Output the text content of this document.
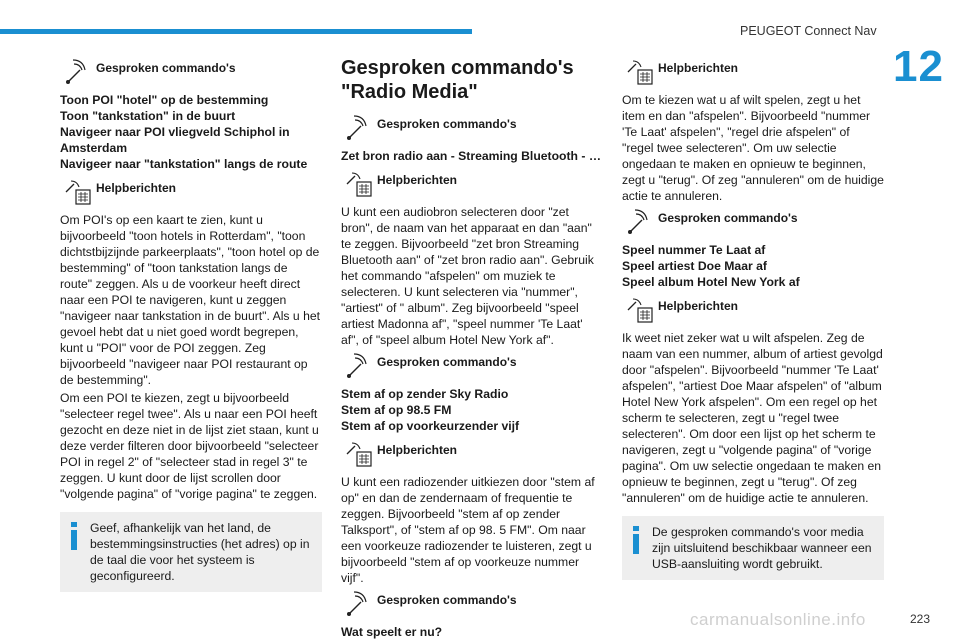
PEUGEOT Connect Nav
12
Gesproken commando's
Toon POI "hotel" op de bestemming
Toon "tankstation" in de buurt
Navigeer naar POI vliegveld Schiphol in Amsterdam
Navigeer naar "tankstation" langs de route
Helpberichten

Om POI's op een kaart te zien, kunt u bijvoorbeeld "toon hotels in Rotterdam", "toon dichtstbijzijnde parkeerplaats", "toon hotel op de bestemming" of "toon tankstation langs de route" zeggen. Als u de voorkeur heeft direct naar een POI te navigeren, kunt u zeggen "navigeer naar tankstation in de buurt". Als u het gevoel hebt dat u niet goed wordt begrepen, kunt u "POI" voor de POI zeggen. Zeg bijvoorbeeld "navigeer naar POI restaurant op de bestemming".

Om een POI te kiezen, zegt u bijvoorbeeld "selecteer regel twee". Als u naar een POI heeft gezocht en deze niet in de lijst ziet staan, kunt u deze verder filteren door bijvoorbeeld "selecteer POI in regel 2" of "selecteer stad in regel 3" te zeggen. U kunt door de lijst scrollen door "volgende pagina" of "vorige pagina" te zeggen.

Geef, afhankelijk van het land, de bestemmingsinstructies (het adres) op in de taal die voor het systeem is geconfigureerd.
Gesproken commando's "Radio Media"
Gesproken commando's
Zet bron radio aan - Streaming Bluetooth - …
Helpberichten

U kunt een audiobron selecteren door "zet bron", de naam van het apparaat en dan "aan" te zeggen. Bijvoorbeeld "zet bron Streaming Bluetooth aan" of "zet bron radio aan". Gebruik het commando "afspelen" om muziek te selecteren. U kunt selecteren via "nummer", "artiest" of " album". Zeg bijvoorbeeld "speel artiest Madonna af", "speel nummer 'Te Laat' af", of "speel album Hotel New York af".

Gesproken commando's
Stem af op zender Sky Radio
Stem af op 98.5 FM
Stem af op voorkeurzender vijf
Helpberichten

U kunt een radiozender uitkiezen door "stem af op" en dan de zendernaam of frequentie te zeggen. Bijvoorbeeld "stem af op zender Talksport", of "stem af op 98. 5 FM". Om naar een voorkeuze radiozender te luisteren, zegt u bijvoorbeeld "stem af op voorkeuze nummer vijf".

Gesproken commando's
Wat speelt er nu?
Helpberichten

Om te kiezen wat u af wilt spelen, zegt u het item en dan "afspelen". Bijvoorbeeld "nummer 'Te Laat' afspelen", "regel drie afspelen" of "regel twee selecteren". Om uw selectie ongedaan te maken en opnieuw te beginnen, zegt u "terug". Of zeg "annuleren" om de huidige actie te annuleren.

Gesproken commando's
Speel nummer Te Laat af
Speel artiest Doe Maar af
Speel album Hotel New York af
Helpberichten

Ik weet niet zeker wat u wilt afspelen. Zeg de naam van een nummer, album of artiest gevolgd door "afspelen". Bijvoorbeeld "nummer 'Te Laat' afspelen", "artiest Doe Maar afspelen" of "album Hotel New York afspelen". Om een regel op het scherm te selecteren, zegt u "regel twee selecteren". Om door een lijst op het scherm te navigeren, zegt u "volgende pagina" of "vorige pagina". Om uw selectie ongedaan te maken en opnieuw te beginnen, zegt u "terug". Of zeg "annuleren" om de huidige actie te annuleren.

De gesproken commando's voor media zijn uitsluitend beschikbaar wanneer een USB-aansluiting wordt gebruikt.
carmanualsonline.info	223
